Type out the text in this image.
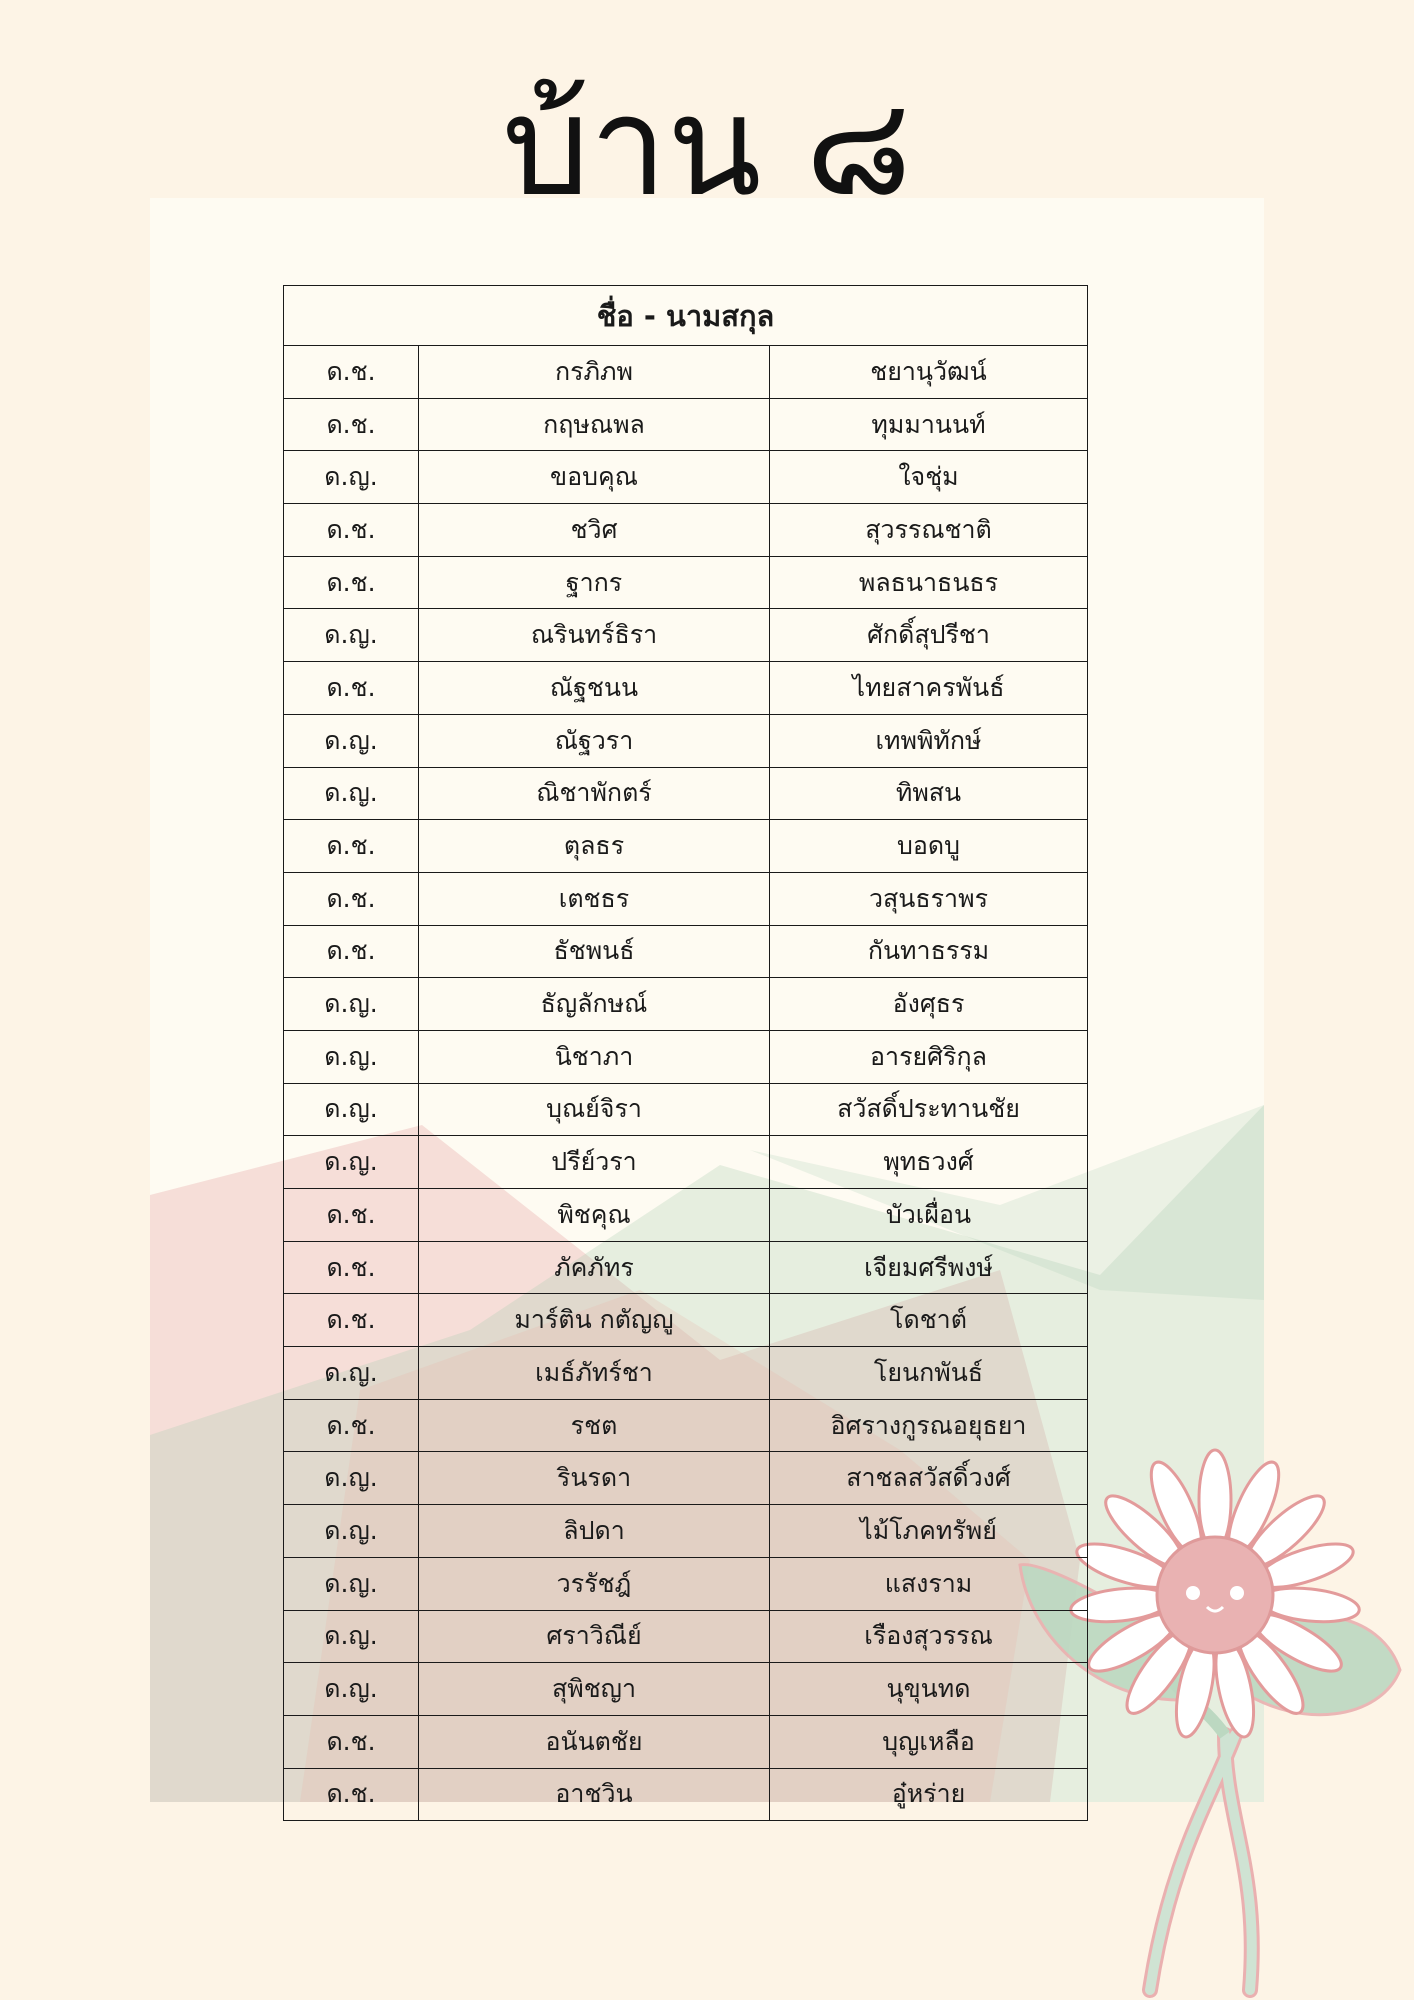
บ้าน ๘
ชื่อ - นามสกุล		
ด.ช.	กรภิภพ	ชยานุวัฒน์
ด.ช.	กฤษณพล	ทุมมานนท์
ด.ญ.	ขอบคุณ	ใจชุ่ม
ด.ช.	ชวิศ	สุวรรณชาติ
ด.ช.	ฐากร	พลธนาธนธร
ด.ญ.	ณรินทร์ธิรา	ศักดิ์สุปรีชา
ด.ช.	ณัฐชนน	ไทยสาครพันธ์
ด.ญ.	ณัฐวรา	เทพพิทักษ์
ด.ญ.	ณิชาพักตร์	ทิพสน
ด.ช.	ตุลธร	บอดบู
ด.ช.	เตชธร	วสุนธราพร
ด.ช.	ธัชพนธ์	กันทาธรรม
ด.ญ.	ธัญลักษณ์	อังศุธร
ด.ญ.	นิชาภา	อารยศิริกุล
ด.ญ.	บุณย์จิรา	สวัสดิ์ประทานชัย
ด.ญ.	ปรีย์วรา	พุทธวงศ์
ด.ช.	พิชคุณ	บัวเผื่อน
ด.ช.	ภัคภัทร	เจียมศรีพงษ์
ด.ช.	มาร์ติน กตัญญู	โดชาต์
ด.ญ.	เมธ์ภัทร์ชา	โยนกพันธ์
ด.ช.	รชต	อิศรางกูรณอยุธยา
ด.ญ.	รินรดา	สาชลสวัสดิ์วงศ์
ด.ญ.	ลิปดา	ไม้โภคทรัพย์
ด.ญ.	วรรัชฎ์	แสงราม
ด.ญ.	ศราวิณีย์	เรืองสุวรรณ
ด.ญ.	สุพิชญา	นุขุนทด
ด.ช.	อนันตชัย	บุญเหลือ
ด.ช.	อาชวิน	อู๋หร่าย
